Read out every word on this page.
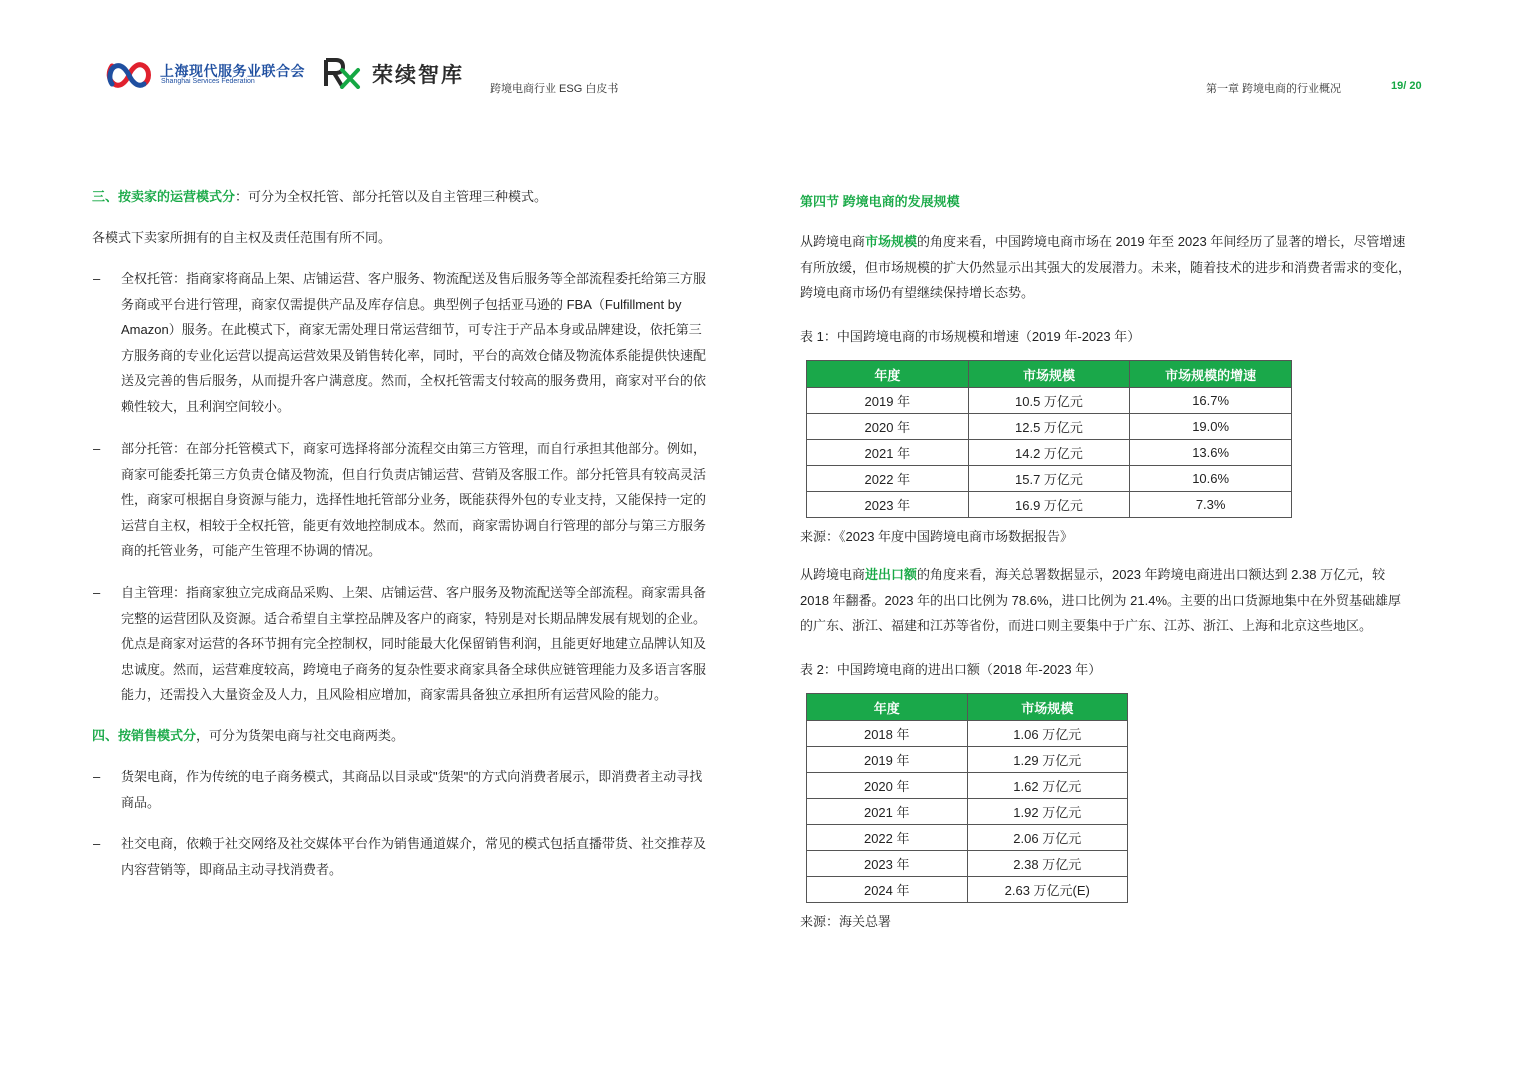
上海现代服务业联合会
Shanghai Services Federation	荣续智库
跨境电商行业 ESG 白皮书	第一章 跨境电商的行业概况	19/ 20
三、按卖家的运营模式分：可分为全权托管、部分托管以及自主管理三种模式。
各模式下卖家所拥有的自主权及责任范围有所不同。
– 全权托管：指商家将商品上架、店铺运营、客户服务、物流配送及售后服务等全部流程委托给第三方服
务商或平台进行管理，商家仅需提供产品及库存信息。典型例子包括亚马逊的 FBA（Fulfillment by
Amazon）服务。在此模式下，商家无需处理日常运营细节，可专注于产品本身或品牌建设，依托第三
方服务商的专业化运营以提高运营效果及销售转化率，同时，平台的高效仓储及物流体系能提供快速配
送及完善的售后服务，从而提升客户满意度。然而，全权托管需支付较高的服务费用，商家对平台的依
赖性较大，且利润空间较小。
– 部分托管：在部分托管模式下，商家可选择将部分流程交由第三方管理，而自行承担其他部分。例如，
商家可能委托第三方负责仓储及物流，但自行负责店铺运营、营销及客服工作。部分托管具有较高灵活
性，商家可根据自身资源与能力，选择性地托管部分业务，既能获得外包的专业支持，又能保持一定的
运营自主权，相较于全权托管，能更有效地控制成本。然而，商家需协调自行管理的部分与第三方服务
商的托管业务，可能产生管理不协调的情况。
– 自主管理：指商家独立完成商品采购、上架、店铺运营、客户服务及物流配送等全部流程。商家需具备
完整的运营团队及资源。适合希望自主掌控品牌及客户的商家，特别是对长期品牌发展有规划的企业。
优点是商家对运营的各环节拥有完全控制权，同时能最大化保留销售利润，且能更好地建立品牌认知及
忠诚度。然而，运营难度较高，跨境电子商务的复杂性要求商家具备全球供应链管理能力及多语言客服
能力，还需投入大量资金及人力，且风险相应增加，商家需具备独立承担所有运营风险的能力。
四、按销售模式分，可分为货架电商与社交电商两类。
– 货架电商，作为传统的电子商务模式，其商品以目录或"货架"的方式向消费者展示，即消费者主动寻找
商品。
– 社交电商，依赖于社交网络及社交媒体平台作为销售通道媒介，常见的模式包括直播带货、社交推荐及
内容营销等，即商品主动寻找消费者。
第四节 跨境电商的发展规模
从跨境电商市场规模的角度来看，中国跨境电商市场在 2019 年至 2023 年间经历了显著的增长，尽管增速
有所放缓，但市场规模的扩大仍然显示出其强大的发展潜力。未来，随着技术的进步和消费者需求的变化，
跨境电商市场仍有望继续保持增长态势。
表 1：中国跨境电商的市场规模和增速（2019 年-2023 年）
年度	市场规模	市场规模的增速
2019 年	10.5 万亿元	16.7%
2020 年	12.5 万亿元	19.0%
2021 年	14.2 万亿元	13.6%
2022 年	15.7 万亿元	10.6%
2023 年	16.9 万亿元	7.3%
来源：《2023 年度中国跨境电商市场数据报告》
从跨境电商进出口额的角度来看，海关总署数据显示，2023 年跨境电商进出口额达到 2.38 万亿元，较
2018 年翻番。2023 年的出口比例为 78.6%，进口比例为 21.4%。主要的出口货源地集中在外贸基础雄厚
的广东、浙江、福建和江苏等省份，而进口则主要集中于广东、江苏、浙江、上海和北京这些地区。
表 2：中国跨境电商的进出口额（2018 年-2023 年）
年度	市场规模
2018 年	1.06 万亿元
2019 年	1.29 万亿元
2020 年	1.62 万亿元
2021 年	1.92 万亿元
2022 年	2.06 万亿元
2023 年	2.38 万亿元
2024 年	2.63 万亿元(E)
来源：海关总署
